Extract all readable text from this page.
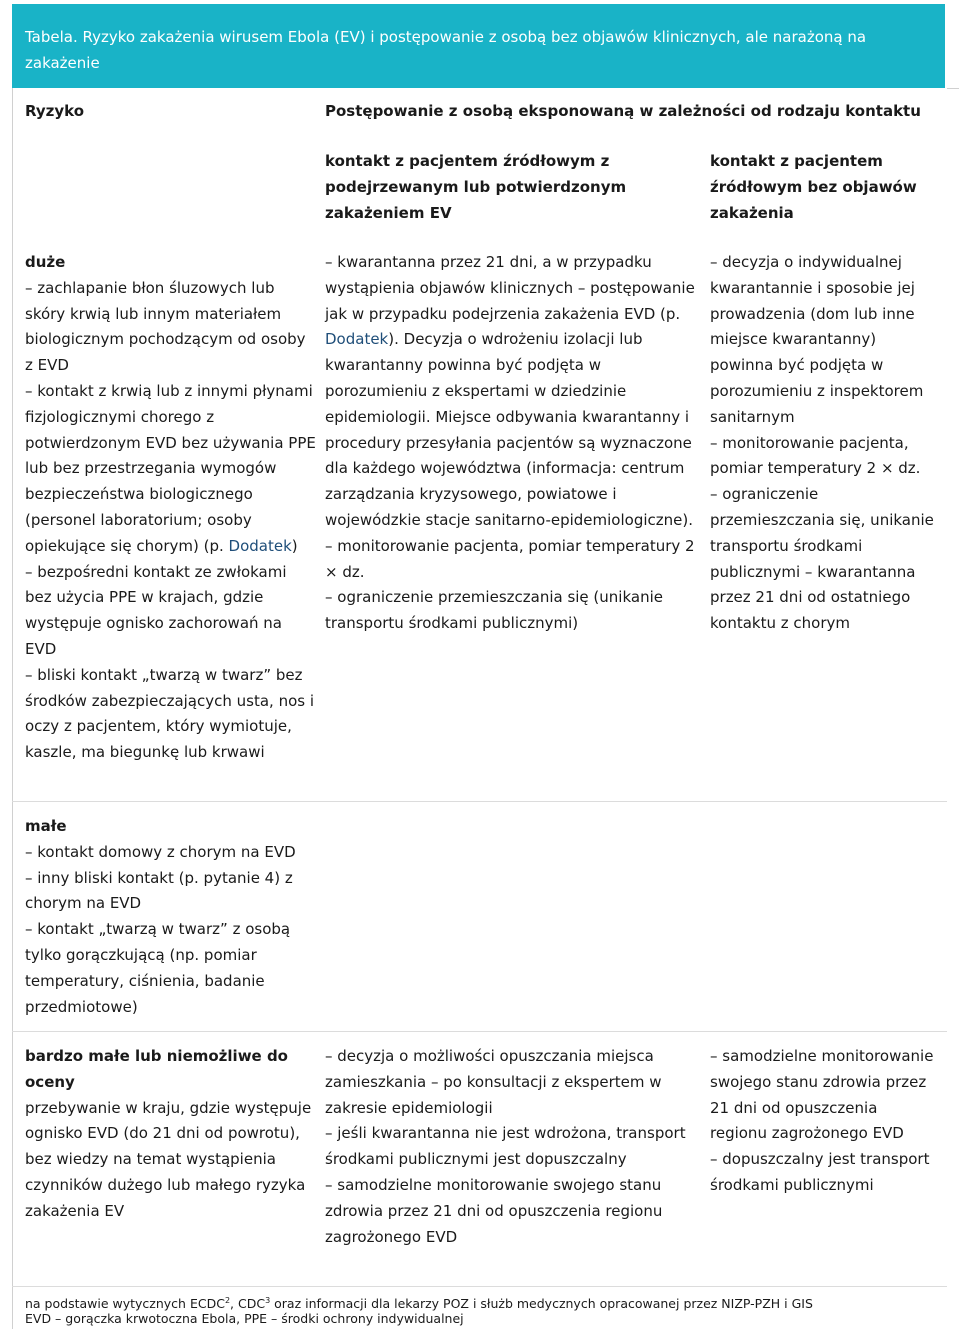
Tabela. Ryzyko zakażenia wirusem Ebola (EV) i postępowanie z osobą bez objawów klinicznych, ale narażoną na zakażenie
Ryzyko	Postępowanie z osobą eksponowaną w zależności od rodzaju kontaktu
kontakt z pacjentem źródłowym z podejrzewanym lub potwierdzonym zakażeniem EV
kontakt z pacjentem źródłowym bez objawów zakażenia

duże

– zachlapanie błon śluzowych lub skóry krwią lub innym materiałem biologicznym pochodzącym od osoby z EVD

– kontakt z krwią lub z innymi płynami fizjologicznymi chorego z potwierdzonym EVD bez używania PPE lub bez przestrzegania wymogów bezpieczeństwa biologicznego (personel laboratorium; osoby opiekujące się chorym) (p. Dodatek)

– bezpośredni kontakt ze zwłokami bez użycia PPE w krajach, gdzie występuje ognisko zachorowań na EVD

– bliski kontakt „twarzą w twarz” bez środków zabezpieczających usta, nos i oczy z pacjentem, który wymiotuje, kaszle, ma biegunkę lub krwawi

– kwarantanna przez 21 dni, a w przypadku wystąpienia objawów klinicznych – postępowanie jak w przypadku podejrzenia zakażenia EVD (p. Dodatek). Decyzja o wdrożeniu izolacji lub kwarantanny powinna być podjęta w porozumieniu z ekspertami w dziedzinie epidemiologii. Miejsce odbywania kwarantanny i procedury przesyłania pacjentów są wyznaczone dla każdego województwa (informacja: centrum zarządzania kryzysowego, powiatowe i wojewódzkie stacje sanitarno-epidemiologiczne).

– monitorowanie pacjenta, pomiar temperatury 2 × dz.

– ograniczenie przemieszczania się (unikanie transportu środkami publicznymi)

– decyzja o indywidualnej kwarantannie i sposobie jej prowadzenia (dom lub inne miejsce kwarantanny) powinna być podjęta w porozumieniu z inspektorem sanitarnym

– monitorowanie pacjenta, pomiar temperatury 2 × dz.

– ograniczenie przemieszczania się, unikanie transportu środkami publicznymi – kwarantanna przez 21 dni od ostatniego kontaktu z chorym

małe

– kontakt domowy z chorym na EVD

– inny bliski kontakt (p. pytanie 4) z chorym na EVD

– kontakt „twarzą w twarz” z osobą tylko gorączkującą (np. pomiar temperatury, ciśnienia, badanie przedmiotowe)

bardzo małe lub niemożliwe do oceny

przebywanie w kraju, gdzie występuje ognisko EVD (do 21 dni od powrotu), bez wiedzy na temat wystąpienia czynników dużego lub małego ryzyka zakażenia EV

– decyzja o możliwości opuszczania miejsca zamieszkania – po konsultacji z ekspertem w zakresie epidemiologii

– jeśli kwarantanna nie jest wdrożona, transport środkami publicznymi jest dopuszczalny

– samodzielne monitorowanie swojego stanu zdrowia przez 21 dni od opuszczenia regionu zagrożonego EVD

– samodzielne monitorowanie swojego stanu zdrowia przez 21 dni od opuszczenia regionu zagrożonego EVD

– dopuszczalny jest transport środkami publicznymi

na podstawie wytycznych ECDC$^2$, CDC$^3$ oraz informacji dla lekarzy POZ i służb medycznych opracowanej przez NIZP-PZH i GIS
EVD – gorączka krwotoczna Ebola, PPE – środki ochrony indywidualnej
